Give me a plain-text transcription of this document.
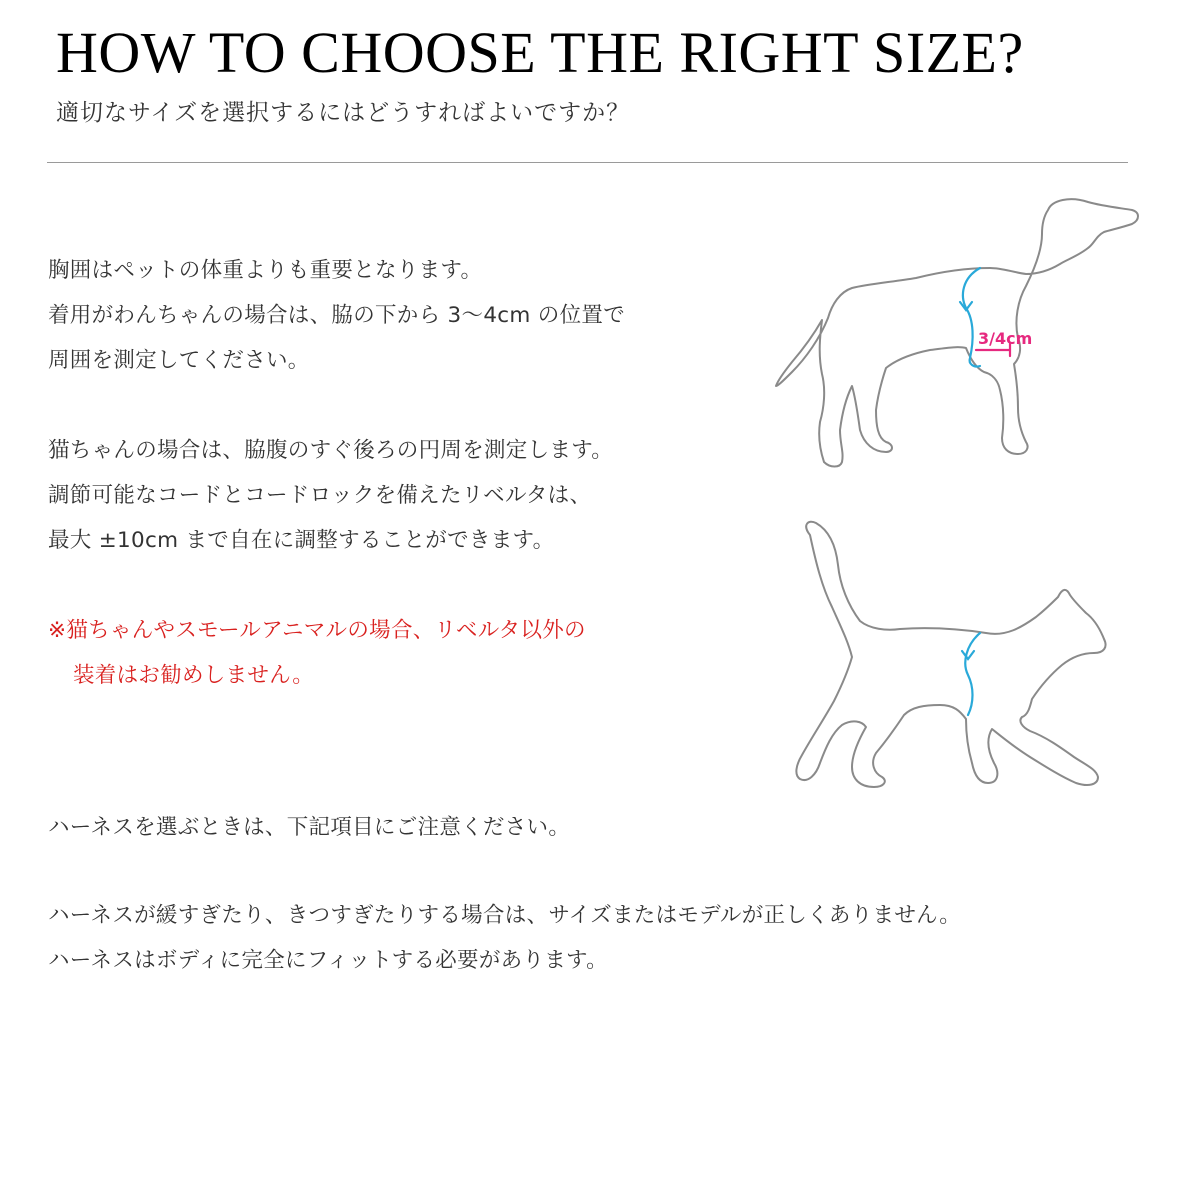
HOW TO CHOOSE THE RIGHT SIZE?
適切なサイズを選択するにはどうすればよいですか？
胸囲はペットの体重よりも重要となります。
着用がわんちゃんの場合は、脇の下から 3～4cm の位置で
周囲を測定してください。
猫ちゃんの場合は、脇腹のすぐ後ろの円周を測定します。
調節可能なコードとコードロックを備えたリベルタは、
最大 ±10cm まで自在に調整することができます。
※猫ちゃんやスモールアニマルの場合、リベルタ以外の
装着はお勧めしません。
ハーネスを選ぶときは、下記項目にご注意ください。
ハーネスが緩すぎたり、きつすぎたりする場合は、サイズまたはモデルが正しくありません。
ハーネスはボディに完全にフィットする必要があります。
3/4cm
